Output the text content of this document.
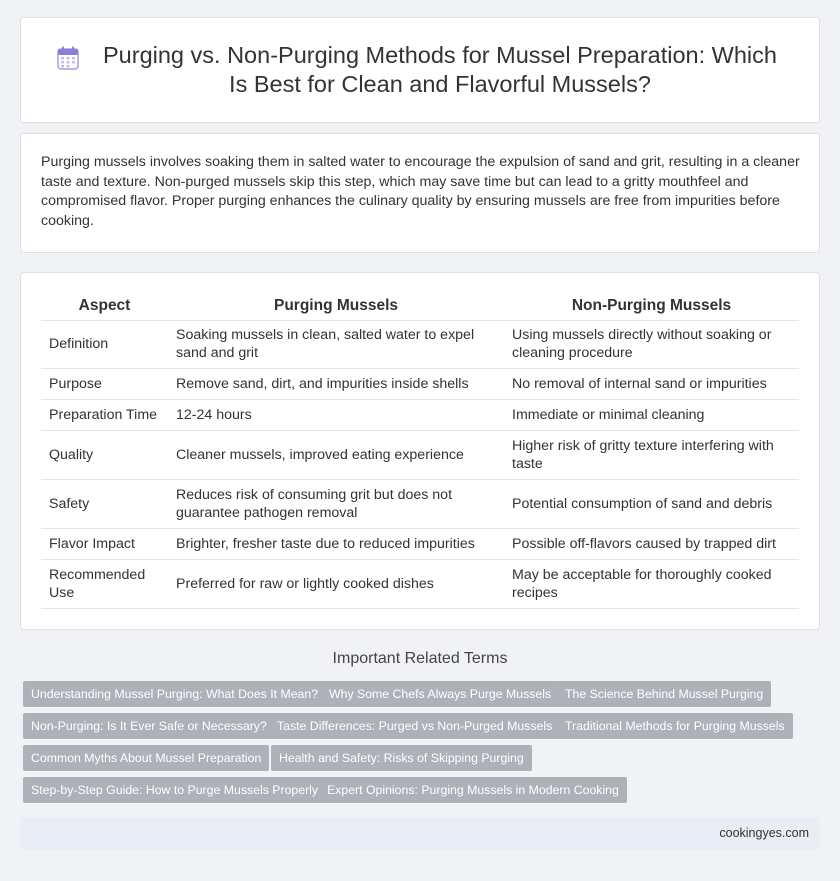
Purging vs. Non-Purging Methods for Mussel Preparation: Which Is Best for Clean and Flavorful Mussels?

Purging mussels involves soaking them in salted water to encourage the expulsion of sand and grit, resulting in a cleaner taste and texture. Non-purged mussels skip this step, which may save time but can lead to a gritty mouthfeel and compromised flavor. Proper purging enhances the culinary quality by ensuring mussels are free from impurities before cooking.

Aspect	Purging Mussels	Non-Purging Mussels
Definition	Soaking mussels in clean, salted water to expel sand and grit	Using mussels directly without soaking or cleaning procedure
Purpose	Remove sand, dirt, and impurities inside shells	No removal of internal sand or impurities
Preparation Time	12-24 hours	Immediate or minimal cleaning
Quality	Cleaner mussels, improved eating experience	Higher risk of gritty texture interfering with taste
Safety	Reduces risk of consuming grit but does not guarantee pathogen removal	Potential consumption of sand and debris
Flavor Impact	Brighter, fresher taste due to reduced impurities	Possible off-flavors caused by trapped dirt
Recommended Use	Preferred for raw or lightly cooked dishes	May be acceptable for thoroughly cooked recipes
Important Related Terms
Understanding Mussel Purging: What Does It Mean? Why Some Chefs Always Purge Mussels	The Science Behind Mussel Purging
Non-Purging: Is It Ever Safe or Necessary? Taste Differences: Purged vs Non-Purged Mussels	Traditional Methods for Purging Mussels
Common Myths About Mussel Preparation	Health and Safety: Risks of Skipping Purging
Step-by-Step Guide: How to Purge Mussels Properly Expert Opinions: Purging Mussels in Modern Cooking
cookingyes.com
